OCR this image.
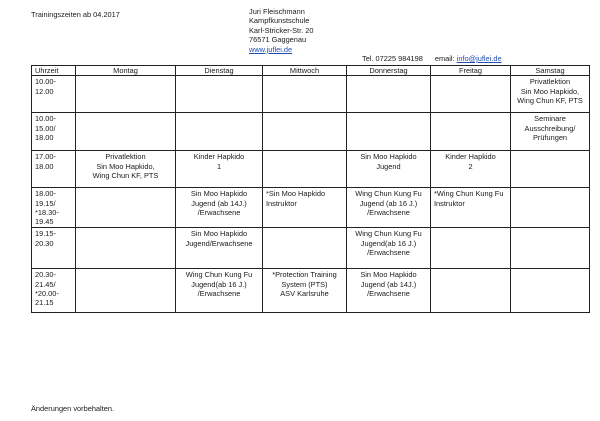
Trainingszeiten ab 04.2017	Juri Fleischmann
Kampfkunstschule
Karl-Stricker-Str. 20
76571 Gaggenau
www.juflei.de
Tel. 07225 984198 email: info@juflei.de
Uhrzeit	Montag	Dienstag	Mittwoch	Donnerstag	Freitag	Samstag

10.00-
12.00						Privatlektion
Sin Moo Hapkido,
Wing Chun KF, PTS

10.00-
15.00/
18.00						Seminare
Ausschreibung/
Prüfungen

17.00-
18.00	Privatlektion
Sin Moo Hapkido,
Wing Chun KF, PTS	Kinder Hapkido
1		Sin Moo Hapkido
Jugend	Kinder Hapkido
2	

18.00-
19.15/
*18.30-
19.45		Sin Moo Hapkido
Jugend (ab 14J.)
/Erwachsene	*Sin Moo Hapkido
Instruktor	Wing Chun Kung Fu
Jugend (ab 16 J.)
/Erwachsene	*Wing Chun Kung Fu
Instruktor	

19.15-
20.30		Sin Moo Hapkido
Jugend/Erwachsene		Wing Chun Kung Fu
Jugend(ab 16 J.)
/Erwachsene		

20.30-
21.45/
*20.00-
21.15		Wing Chun Kung Fu
Jugend(ab 16 J.)
/Erwachsene	*Protection Training
System (PTS)
ASV Karlsruhe	Sin Moo Hapkido
Jugend (ab 14J.)
/Erwachsene		

Änderungen vorbehalten.
